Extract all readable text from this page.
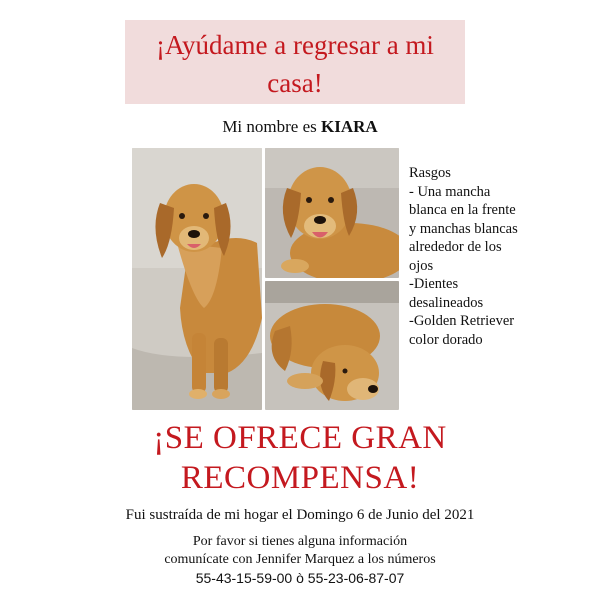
¡Ayúdame a regresar a mi
casa!
Mi nombre es KIARA
Rasgos
- Una mancha
blanca en la frente
y manchas blancas
alrededor de los
ojos
-Dientes
desalineados
-Golden Retriever
color dorado
¡SE OFRECE GRAN
RECOMPENSA!
Fui sustraída de mi hogar el Domingo 6 de Junio del 2021
Por favor si tienes alguna información
comunícate con Jennifer Marquez a los números
55-43-15-59-00 ò 55-23-06-87-07
